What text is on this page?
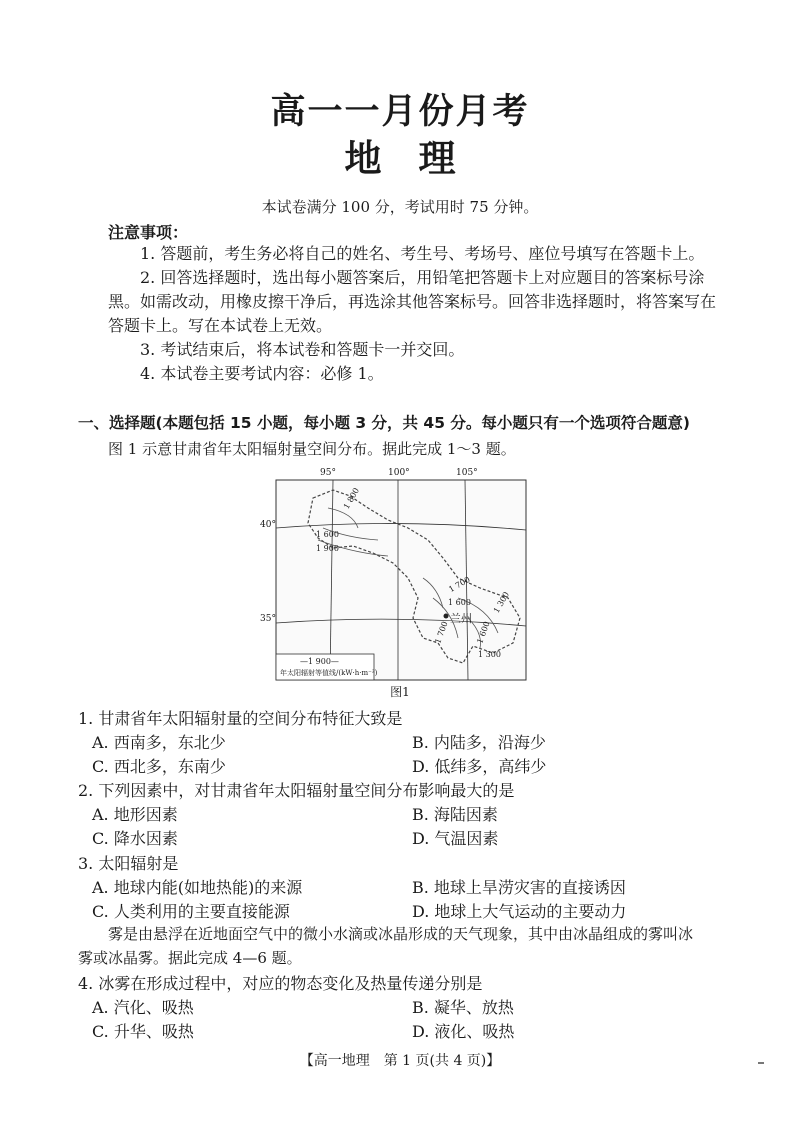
高一一月份月考
地　理
本试卷满分 100 分，考试用时 75 分钟。
注意事项：
1. 答题前，考生务必将自己的姓名、考生号、考场号、座位号填写在答题卡上。
2. 回答选择题时，选出每小题答案后，用铅笔把答题卡上对应题目的答案标号涂
黑。如需改动，用橡皮擦干净后，再选涂其他答案标号。回答非选择题时，将答案写在
答题卡上。写在本试卷上无效。
3. 考试结束后，将本试卷和答题卡一并交回。
4. 本试卷主要考试内容：必修 1。
一、选择题(本题包括 15 小题，每小题 3 分，共 45 分。每小题只有一个选项符合题意)
图 1 示意甘肃省年太阳辐射量空间分布。据此完成 1～3 题。
95°	100°	105°
40°
35°
1 800
1 600
1 900
1 700
1 600
1 700
1 300
1 600
1 300
兰州
—1 900—
年太阳辐射等值线/(kW·h·m⁻²)
图1
1. 甘肃省年太阳辐射量的空间分布特征大致是
A. 西南多，东北少	B. 内陆多，沿海少
C. 西北多，东南少	D. 低纬多，高纬少
2. 下列因素中，对甘肃省年太阳辐射量空间分布影响最大的是
A. 地形因素	B. 海陆因素
C. 降水因素	D. 气温因素
3. 太阳辐射是
A. 地球内能(如地热能)的来源	B. 地球上旱涝灾害的直接诱因
C. 人类利用的主要直接能源	D. 地球上大气运动的主要动力
雾是由悬浮在近地面空气中的微小水滴或冰晶形成的天气现象，其中由冰晶组成的雾叫冰
雾或冰晶雾。据此完成 4—6 题。
4. 冰雾在形成过程中，对应的物态变化及热量传递分别是
A. 汽化、吸热	B. 凝华、放热
C. 升华、吸热	D. 液化、吸热
【高一地理　第 1 页(共 4 页)】
